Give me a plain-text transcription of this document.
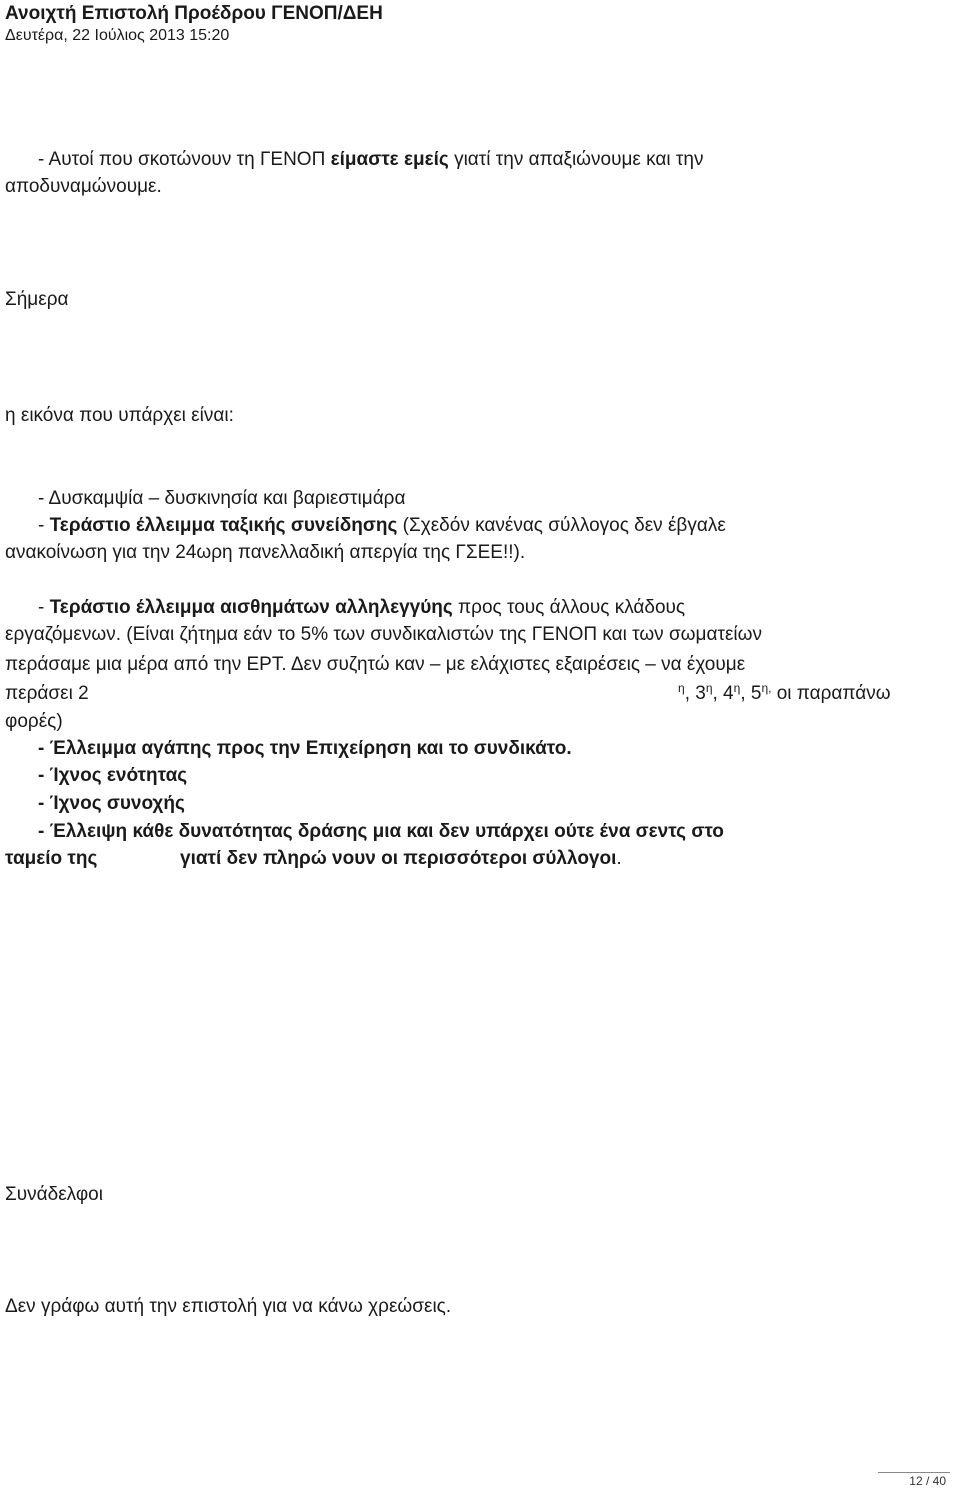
Ανοιχτή Επιστολή Προέδρου ΓΕΝΟΠ/ΔΕΗ
Δευτέρα, 22 Ιούλιος 2013 15:20
- Αυτοί που σκοτώνουν τη ΓΕΝΟΠ είμαστε εμείς γιατί την απαξιώνουμε και την
αποδυναμώνουμε.
Σήμερα
η εικόνα που υπάρχει είναι:
- Δυσκαμψία – δυσκινησία και βαριεστιμάρα
- Τεράστιο έλλειμμα ταξικής συνείδησης (Σχεδόν κανένας σύλλογος δεν έβγαλε
ανακοίνωση για την 24ωρη πανελλαδική απεργία της ΓΣΕΕ!!).
- Τεράστιο έλλειμμα αισθημάτων αλληλεγγύης προς τους άλλους κλάδους
εργαζόμενων. (Είναι ζήτημα εάν το 5% των συνδικαλιστών της ΓΕΝΟΠ και των σωματείων
περάσαμε μια μέρα από την ΕΡΤ. Δεν συζητώ καν – με ελάχιστες εξαιρέσεις – να έχουμε
περάσει 2	$^\eta$, $3^\eta$, $4^\eta$, $5^{\eta,}$ οι παραπάνω
φορές)
- Έλλειμμα αγάπης προς την Επιχείρηση και το συνδικάτο.
- Ίχνος ενότητας
- Ίχνος συνοχής
- Έλλειψη κάθε δυνατότητας δράσης μια και δεν υπάρχει ούτε ένα σεντς στο
ταμείο της	γιατί δεν πληρώ νουν οι περισσότεροι σύλλογοι.
Συνάδελφοι
Δεν γράφω αυτή την επιστολή για να κάνω χρεώσεις.
12 / 40
